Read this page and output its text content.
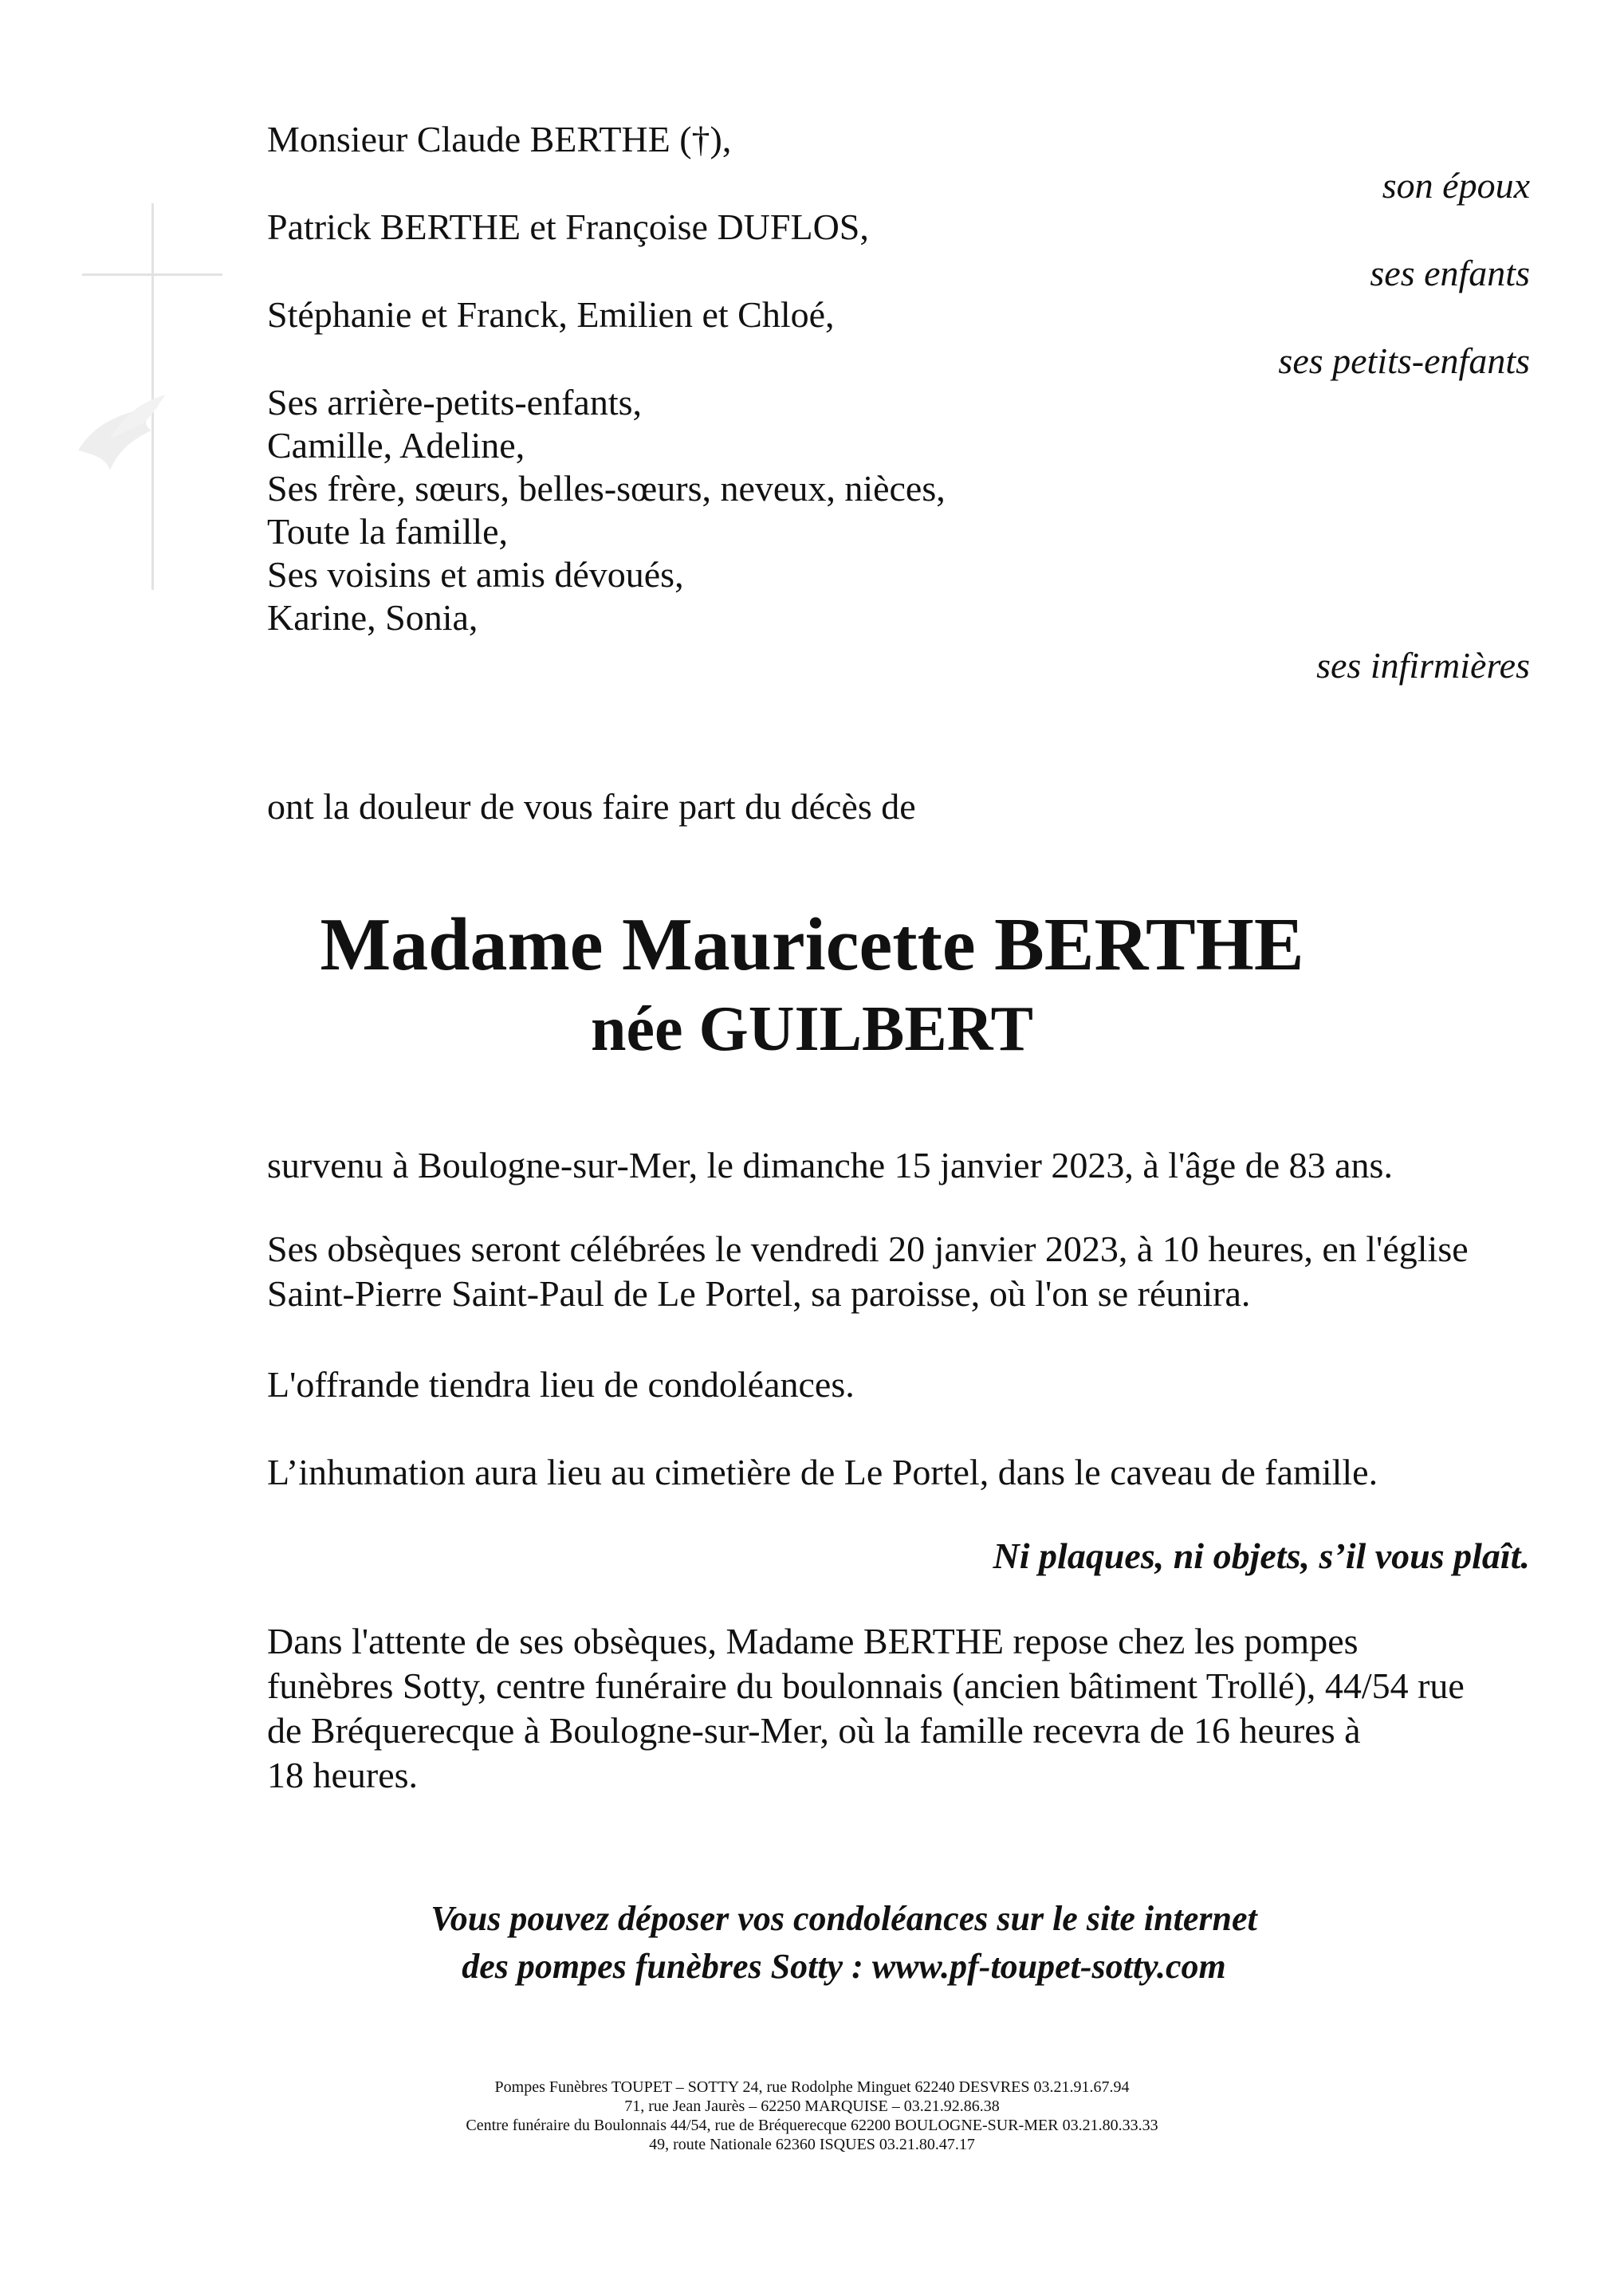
Monsieur Claude BERTHE (†),
son époux
Patrick BERTHE et Françoise DUFLOS,
ses enfants
Stéphanie et Franck, Emilien et Chloé,
ses petits-enfants
Ses arrière-petits-enfants,
Camille, Adeline,
Ses frère, sœurs, belles-sœurs, neveux, nièces,
Toute la famille,
Ses voisins et amis dévoués,
Karine, Sonia,
ses infirmières
ont la douleur de vous faire part du décès de
Madame Mauricette BERTHE
née GUILBERT
survenu à Boulogne-sur-Mer, le dimanche 15 janvier 2023, à l'âge de 83 ans.
Ses obsèques seront célébrées le vendredi 20 janvier 2023, à 10 heures, en l'église
Saint-Pierre Saint-Paul de Le Portel, sa paroisse, où l'on se réunira.
L'offrande tiendra lieu de condoléances.
L’inhumation aura lieu au cimetière de Le Portel, dans le caveau de famille.
Ni plaques, ni objets, s’il vous plaît.
Dans l'attente de ses obsèques, Madame BERTHE repose chez les pompes
funèbres Sotty, centre funéraire du boulonnais (ancien bâtiment Trollé), 44/54 rue
de Bréquerecque à Boulogne-sur-Mer, où la famille recevra de 16 heures à
18 heures.
Vous pouvez déposer vos condoléances sur le site internet
des pompes funèbres Sotty : www.pf-toupet-sotty.com
Pompes Funèbres TOUPET – SOTTY 24, rue Rodolphe Minguet 62240 DESVRES 03.21.91.67.94
71, rue Jean Jaurès – 62250 MARQUISE – 03.21.92.86.38
Centre funéraire du Boulonnais 44/54, rue de Bréquerecque 62200 BOULOGNE-SUR-MER 03.21.80.33.33
49, route Nationale 62360 ISQUES 03.21.80.47.17
